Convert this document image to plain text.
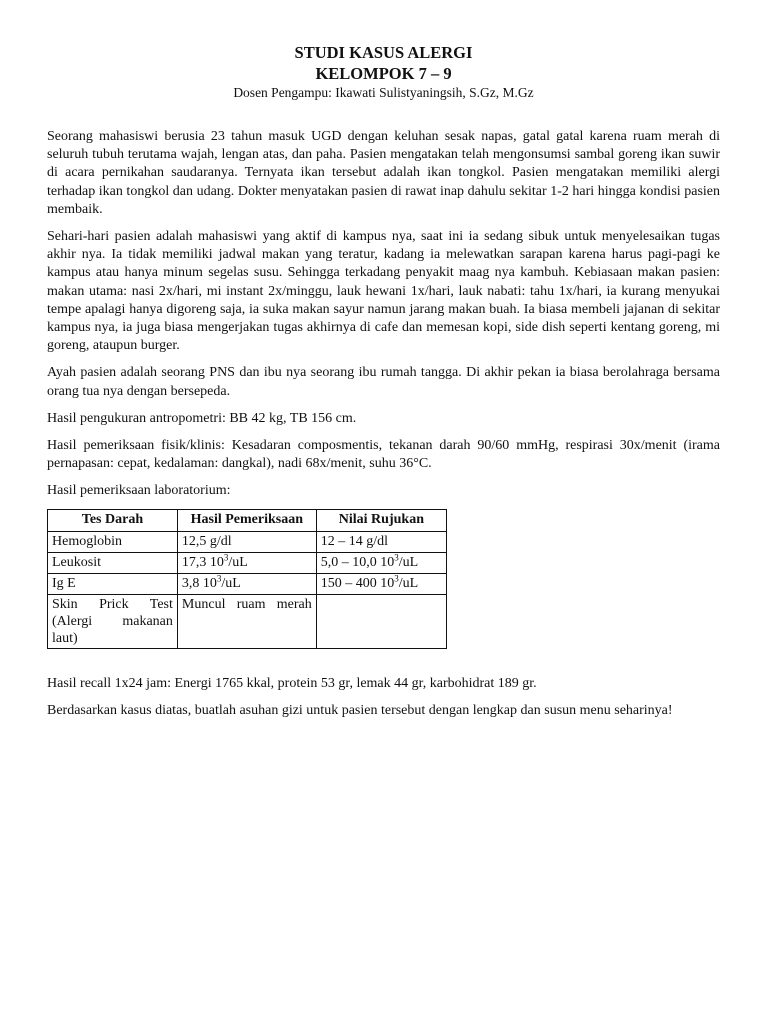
STUDI KASUS ALERGI
KELOMPOK 7 – 9
Dosen Pengampu: Ikawati Sulistyaningsih, S.Gz, M.Gz

Seorang mahasiswi berusia 23 tahun masuk UGD dengan keluhan sesak napas, gatal gatal karena ruam merah di seluruh tubuh terutama wajah, lengan atas, dan paha. Pasien mengatakan telah mengonsumsi sambal goreng ikan suwir di acara pernikahan saudaranya. Ternyata ikan tersebut adalah ikan tongkol. Pasien mengatakan memiliki alergi terhadap ikan tongkol dan udang. Dokter menyatakan pasien di rawat inap dahulu sekitar 1-2 hari hingga kondisi pasien membaik.

Sehari-hari pasien adalah mahasiswi yang aktif di kampus nya, saat ini ia sedang sibuk untuk menyelesaikan tugas akhir nya. Ia tidak memiliki jadwal makan yang teratur, kadang ia melewatkan sarapan karena harus pagi-pagi ke kampus atau hanya minum segelas susu. Sehingga terkadang penyakit maag nya kambuh. Kebiasaan makan pasien: makan utama: nasi 2x/hari, mi instant 2x/minggu, lauk hewani 1x/hari, lauk nabati: tahu 1x/hari, ia kurang menyukai tempe apalagi hanya digoreng saja, ia suka makan sayur namun jarang makan buah. Ia biasa membeli jajanan di sekitar kampus nya, ia juga biasa mengerjakan tugas akhirnya di cafe dan memesan kopi, side dish seperti kentang goreng, mi goreng, ataupun burger.

Ayah pasien adalah seorang PNS dan ibu nya seorang ibu rumah tangga. Di akhir pekan ia biasa berolahraga bersama orang tua nya dengan bersepeda.

Hasil pengukuran antropometri: BB 42 kg, TB 156 cm.

Hasil pemeriksaan fisik/klinis: Kesadaran composmentis, tekanan darah 90/60 mmHg, respirasi 30x/menit (irama pernapasan: cepat, kedalaman: dangkal), nadi 68x/menit, suhu 36°C.

Hasil pemeriksaan laboratorium:

Tes Darah	Hasil Pemeriksaan	Nilai Rujukan
Hemoglobin	12,5 g/dl	12 – 14 g/dl
Leukosit	17,3 $10^3/uL$	5,0 – 10,0 $10^3/uL$
Ig E	3,8 $10^3/uL$	150 – 400 $10^3/uL$
Skin Prick Test (Alergi makanan laut)	Muncul ruam merah	

Hasil recall 1x24 jam: Energi 1765 kkal, protein 53 gr, lemak 44 gr, karbohidrat 189 gr.

Berdasarkan kasus diatas, buatlah asuhan gizi untuk pasien tersebut dengan lengkap dan susun menu seharinya!
